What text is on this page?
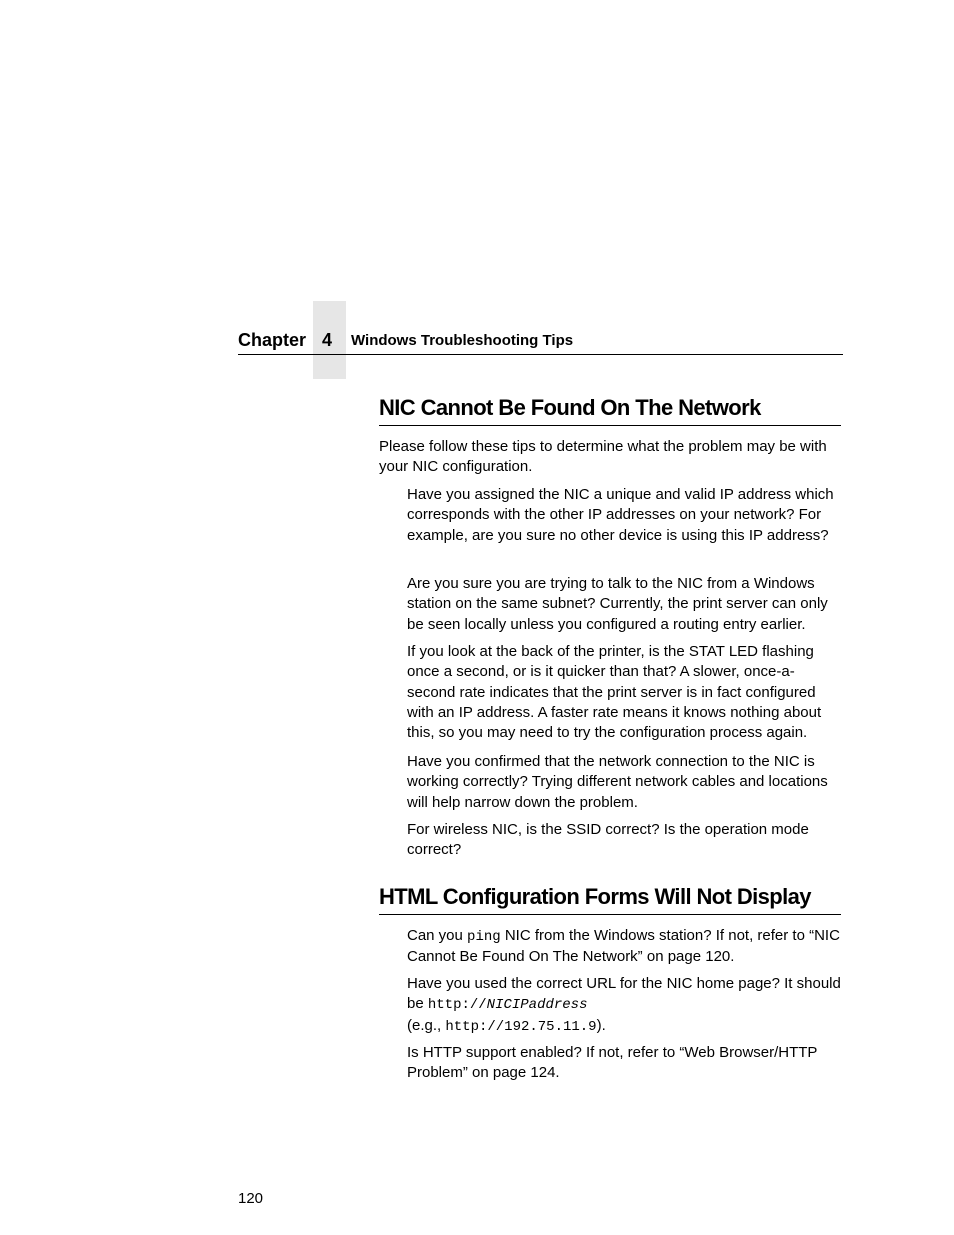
Chapter 4 Windows Troubleshooting Tips
NIC Cannot Be Found On The Network

Please follow these tips to determine what the problem may be with your NIC configuration.

Have you assigned the NIC a unique and valid IP address which corresponds with the other IP addresses on your network? For example, are you sure no other device is using this IP address?

Are you sure you are trying to talk to the NIC from a Windows station on the same subnet? Currently, the print server can only be seen locally unless you configured a routing entry earlier.

If you look at the back of the printer, is the STAT LED flashing once a second, or is it quicker than that? A slower, once-a-second rate indicates that the print server is in fact configured with an IP address. A faster rate means it knows nothing about this, so you may need to try the configuration process again.

Have you confirmed that the network connection to the NIC is working correctly? Trying different network cables and locations will help narrow down the problem.

For wireless NIC, is the SSID correct? Is the operation mode correct?

HTML Configuration Forms Will Not Display

Can you ping NIC from the Windows station? If not, refer to “NIC Cannot Be Found On The Network” on page 120.

Have you used the correct URL for the NIC home page? It should be http://NICIPaddress
(e.g., http://192.75.11.9).

Is HTTP support enabled? If not, refer to “Web Browser/HTTP Problem” on page 124.

120
